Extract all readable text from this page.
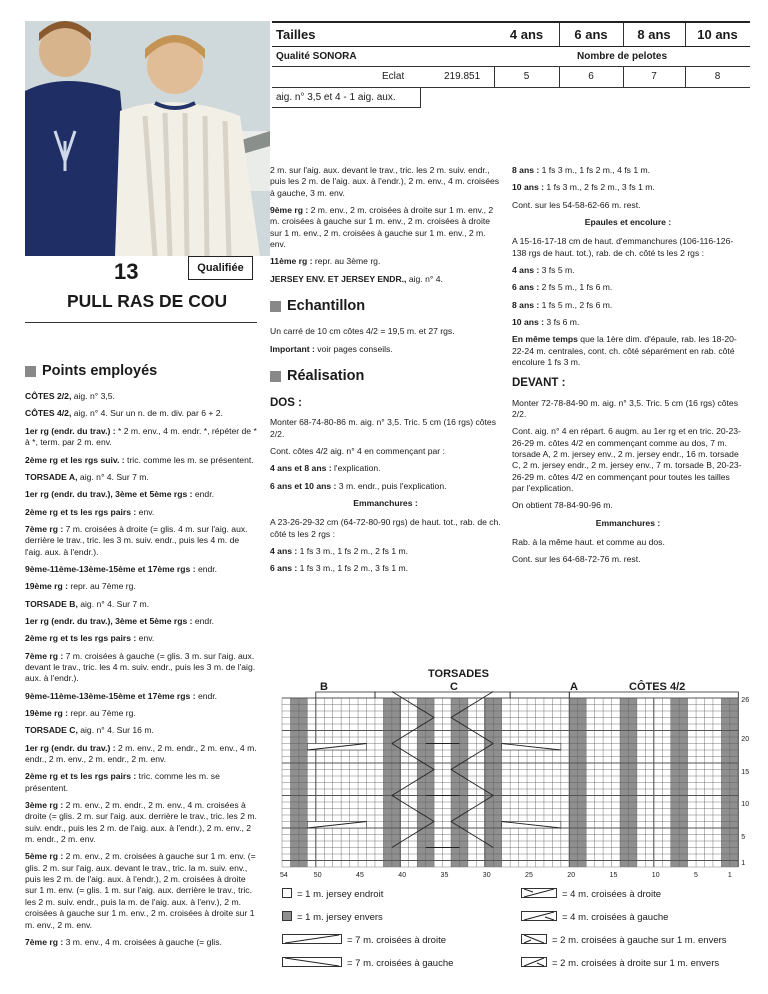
13	Qualifiée
PULL RAS DE COU
Tailles	4 ans	6 ans	8 ans	10 ans
Qualité SONORA	Nombre de pelotes
Eclat	219.851	5	6	7	8
aig. n° 3,5 et 4 - 1 aig. aux.
Points employés

CÔTES 2/2, aig. n° 3,5.

CÔTES 4/2, aig. n° 4. Sur un n. de m. div. par 6 + 2.

1er rg (endr. du trav.) : * 2 m. env., 4 m. endr. *, répéter de * à *, term. par 2 m. env.

2ème rg et les rgs suiv. : tric. comme les m. se présentent.

TORSADE A, aig. n° 4. Sur 7 m.

1er rg (endr. du trav.), 3ème et 5ème rgs : endr.

2ème rg et ts les rgs pairs : env.

7ème rg : 7 m. croisées à droite (= glis. 4 m. sur l'aig. aux. derrière le trav., tric. les 3 m. suiv. endr., puis les 4 m. de l'aig. aux. à l'endr.).

9ème-11ème-13ème-15ème et 17ème rgs : endr.

19ème rg : repr. au 7ème rg.

TORSADE B, aig. n° 4. Sur 7 m.

1er rg (endr. du trav.), 3ème et 5ème rgs : endr.

2ème rg et ts les rgs pairs : env.

7ème rg : 7 m. croisées à gauche (= glis. 3 m. sur l'aig. aux. devant le trav., tric. les 4 m. suiv. endr., puis les 3 m. de l'aig. aux. à l'endr.).

9ème-11ème-13ème-15ème et 17ème rgs : endr.

19ème rg : repr. au 7ème rg.

TORSADE C, aig. n° 4. Sur 16 m.

1er rg (endr. du trav.) : 2 m. env., 2 m. endr., 2 m. env., 4 m. endr., 2 m. env., 2 m. endr., 2 m. env.

2ème rg et ts les rgs pairs : tric. comme les m. se présentent.

3ème rg : 2 m. env., 2 m. endr., 2 m. env., 4 m. croisées à droite (= glis. 2 m. sur l'aig. aux. derrière le trav., tric. les 2 m. suiv. endr., puis les 2 m. de l'aig. aux. à l'endr.), 2 m. env., 2 m. endr., 2 m. env.

5ème rg : 2 m. env., 2 m. croisées à gauche sur 1 m. env. (= glis. 2 m. sur l'aig. aux. devant le trav., tric. la m. suiv. env., puis les 2 m. de l'aig. aux. à l'endr.), 2 m. croisées à droite sur 1 m. env. (= glis. 1 m. sur l'aig. aux. derrière le trav., tric. les 2 m. suiv. endr., puis la m. de l'aig. aux. à l'env.), 2 m. croisées à gauche sur 1 m. env., 2 m. croisées à droite sur 1 m. env., 2 m. env.

7ème rg : 3 m. env., 4 m. croisées à gauche (= glis.

2 m. sur l'aig. aux. devant le trav., tric. les 2 m. suiv. endr., puis les 2 m. de l'aig. aux. à l'endr.), 2 m. env., 4 m. croisées à gauche, 3 m. env.

9ème rg : 2 m. env., 2 m. croisées à droite sur 1 m. env., 2 m. croisées à gauche sur 1 m. env., 2 m. croisées à droite sur 1 m. env., 2 m. croisées à gauche sur 1 m. env., 2 m. env.

11ème rg : repr. au 3ème rg.

JERSEY ENV. ET JERSEY ENDR., aig. n° 4.

Echantillon

Un carré de 10 cm côtes 4/2 = 19,5 m. et 27 rgs.

Important : voir pages conseils.

Réalisation
DOS :

Monter 68-74-80-86 m. aig. n° 3,5. Tric. 5 cm (16 rgs) côtes 2/2.

Cont. côtes 4/2 aig. n° 4 en commençant par :

4 ans et 8 ans : l'explication.

6 ans et 10 ans : 3 m. endr., puis l'explication.

Emmanchures :

A 23-26-29-32 cm (64-72-80-90 rgs) de haut. tot., rab. de ch. côté ts les 2 rgs :

4 ans : 1 fs 3 m., 1 fs 2 m., 2 fs 1 m.

6 ans : 1 fs 3 m., 1 fs 2 m., 3 fs 1 m.

8 ans : 1 fs 3 m., 1 fs 2 m., 4 fs 1 m.

10 ans : 1 fs 3 m., 2 fs 2 m., 3 fs 1 m.

Cont. sur les 54-58-62-66 m. rest.

Epaules et encolure :

A 15-16-17-18 cm de haut. d'emmanchures (106-116-126-138 rgs de haut. tot.), rab. de ch. côté ts les 2 rgs :

4 ans : 3 fs 5 m.

6 ans : 2 fs 5 m., 1 fs 6 m.

8 ans : 1 fs 5 m., 2 fs 6 m.

10 ans : 3 fs 6 m.

En même temps que la 1ère dim. d'épaule, rab. les 18-20-22-24 m. centrales, cont. ch. côté séparément en rab. côté encolure 1 fs 3 m.

DEVANT :

Monter 72-78-84-90 m. aig. n° 3,5. Tric. 5 cm (16 rgs) côtes 2/2.

Cont. aig. n° 4 en répart. 6 augm. au 1er rg et en tric. 20-23-26-29 m. côtes 4/2 en commençant comme au dos, 7 m. torsade A, 2 m. jersey env., 2 m. jersey endr., 16 m. torsade C, 2 m. jersey endr., 2 m. jersey env., 7 m. torsade B, 20-23-26-29 m. côtes 4/2 en commençant pour toutes les tailles par l'explication.

On obtient 78-84-90-96 m.

Emmanchures :

Rab. à la même haut. et comme au dos.

Cont. sur les 64-68-72-76 m. rest.

B
TORSADES
C	A	CÔTES 4/2
54	50	45	40	35	30	25	20	15	10	5	1
26
20
15
10
5
1
= 1 m. jersey endroit	= 4 m. croisées à droite
= 1 m. jersey envers	= 4 m. croisées à gauche
= 7 m. croisées à droite	= 2 m. croisées à gauche sur 1 m. envers
= 7 m. croisées à gauche	= 2 m. croisées à droite sur 1 m. envers
